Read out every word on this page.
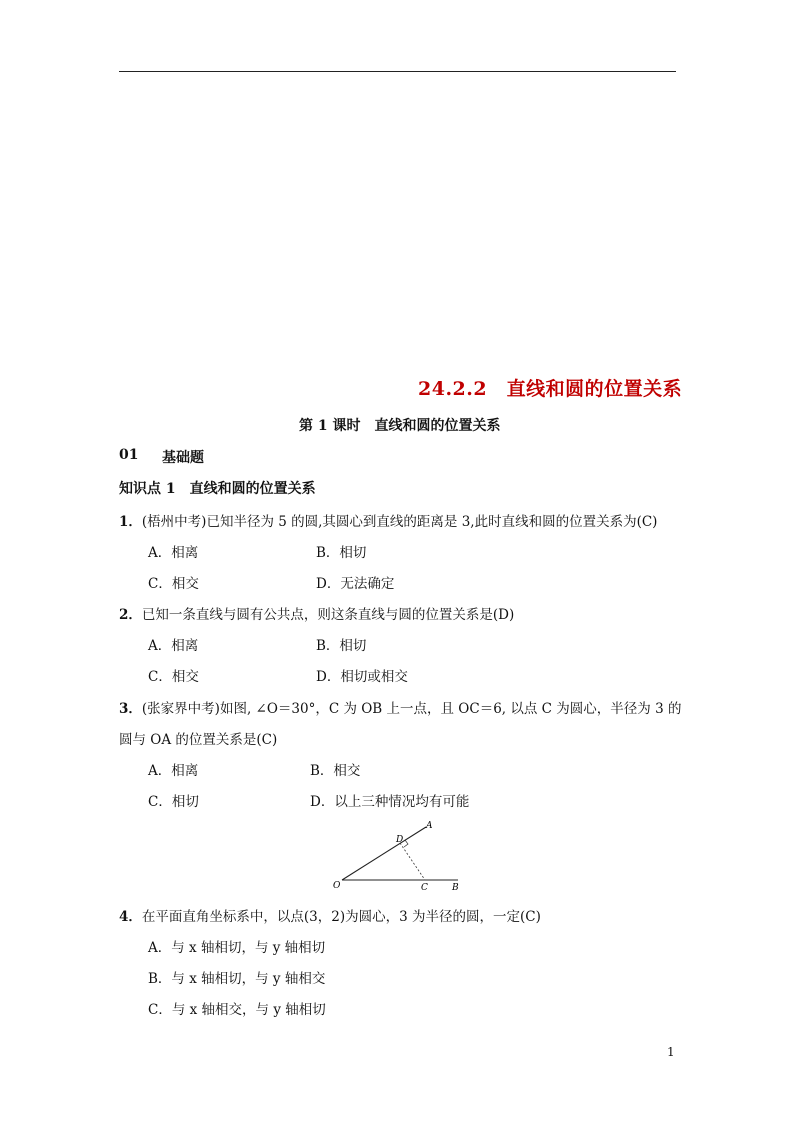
24.2.2　直线和圆的位置关系
第 1 课时　直线和圆的位置关系
01 基础题
知识点 1　直线和圆的位置关系
1．(梧州中考)已知半径为 5 的圆,其圆心到直线的距离是 3,此时直线和圆的位置关系为(C)
A．相离	B．相切
C．相交	D．无法确定
2．已知一条直线与圆有公共点，则这条直线与圆的位置关系是(D)
A．相离	B．相切
C．相交	D．相切或相交
3．(张家界中考)如图, ∠O＝30°，C 为 OB 上一点，且 OC＝6, 以点 C 为圆心，半径为 3 的
圆与 OA 的位置关系是(C)
A．相离	B．相交
C．相切	D．以上三种情况均有可能
O
A
B
C
D
4．在平面直角坐标系中，以点(3，2)为圆心，3 为半径的圆，一定(C)
A．与 x 轴相切，与 y 轴相切
B．与 x 轴相切，与 y 轴相交
C．与 x 轴相交，与 y 轴相切
1
